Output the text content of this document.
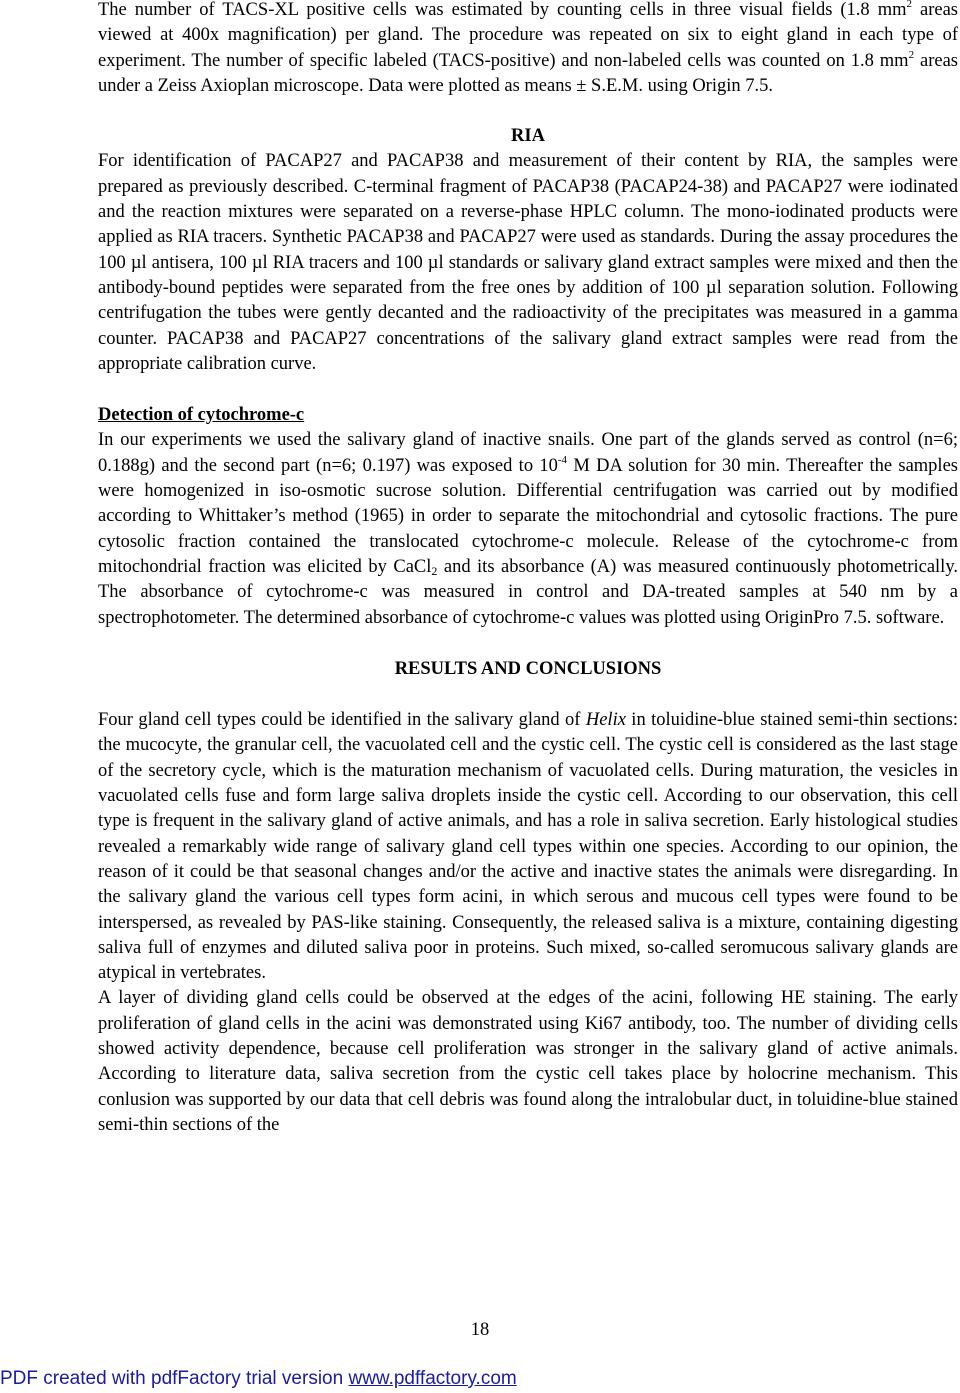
The number of TACS-XL positive cells was estimated by counting cells in three visual fields (1.8 $mm^2$ areas viewed at 400x magnification) per gland. The procedure was repeated on six to eight gland in each type of experiment. The number of specific labeled (TACS-positive) and non-labeled cells was counted on 1.8 $mm^2$ areas under a Zeiss Axioplan microscope. Data were plotted as means ± S.E.M. using Origin 7.5.

RIA

For identification of PACAP27 and PACAP38 and measurement of their content by RIA, the samples were prepared as previously described. C-terminal fragment of PACAP38 (PACAP24-38) and PACAP27 were iodinated and the reaction mixtures were separated on a reverse-phase HPLC column. The mono-iodinated products were applied as RIA tracers. Synthetic PACAP38 and PACAP27 were used as standards. During the assay procedures the 100 µl antisera, 100 µl RIA tracers and 100 µl standards or salivary gland extract samples were mixed and then the antibody-bound peptides were separated from the free ones by addition of 100 µl separation solution. Following centrifugation the tubes were gently decanted and the radioactivity of the precipitates was measured in a gamma counter. PACAP38 and PACAP27 concentrations of the salivary gland extract samples were read from the appropriate calibration curve.

Detection of cytochrome-c

In our experiments we used the salivary gland of inactive snails. One part of the glands served as control (n=6; 0.188g) and the second part (n=6; 0.197) was exposed to $10^{-4}$ M DA solution for 30 min. Thereafter the samples were homogenized in iso-osmotic sucrose solution. Differential centrifugation was carried out by modified according to Whittaker’s method (1965) in order to separate the mitochondrial and cytosolic fractions. The pure cytosolic fraction contained the translocated cytochrome-c molecule. Release of the cytochrome-c from mitochondrial fraction was elicited by CaCl$_2$ and its absorbance (A) was measured continuously photometrically. The absorbance of cytochrome-c was measured in control and DA-treated samples at 540 nm by a spectrophotometer. The determined absorbance of cytochrome-c values was plotted using OriginPro 7.5. software.

RESULTS AND CONCLUSIONS

Four gland cell types could be identified in the salivary gland of Helix in toluidine-blue stained semi-thin sections: the mucocyte, the granular cell, the vacuolated cell and the cystic cell. The cystic cell is considered as the last stage of the secretory cycle, which is the maturation mechanism of vacuolated cells. During maturation, the vesicles in vacuolated cells fuse and form large saliva droplets inside the cystic cell. According to our observation, this cell type is frequent in the salivary gland of active animals, and has a role in saliva secretion. Early histological studies revealed a remarkably wide range of salivary gland cell types within one species. According to our opinion, the reason of it could be that seasonal changes and/or the active and inactive states the animals were disregarding. In the salivary gland the various cell types form acini, in which serous and mucous cell types were found to be interspersed, as revealed by PAS-like staining. Consequently, the released saliva is a mixture, containing digesting saliva full of enzymes and diluted saliva poor in proteins. Such mixed, so-called seromucous salivary glands are atypical in vertebrates.

A layer of dividing gland cells could be observed at the edges of the acini, following HE staining. The early proliferation of gland cells in the acini was demonstrated using Ki67 antibody, too. The number of dividing cells showed activity dependence, because cell proliferation was stronger in the salivary gland of active animals. According to literature data, saliva secretion from the cystic cell takes place by holocrine mechanism. This conlusion was supported by our data that cell debris was found along the intralobular duct, in toluidine-blue stained semi-thin sections of the

18
PDF created with pdfFactory trial version www.pdffactory.com
